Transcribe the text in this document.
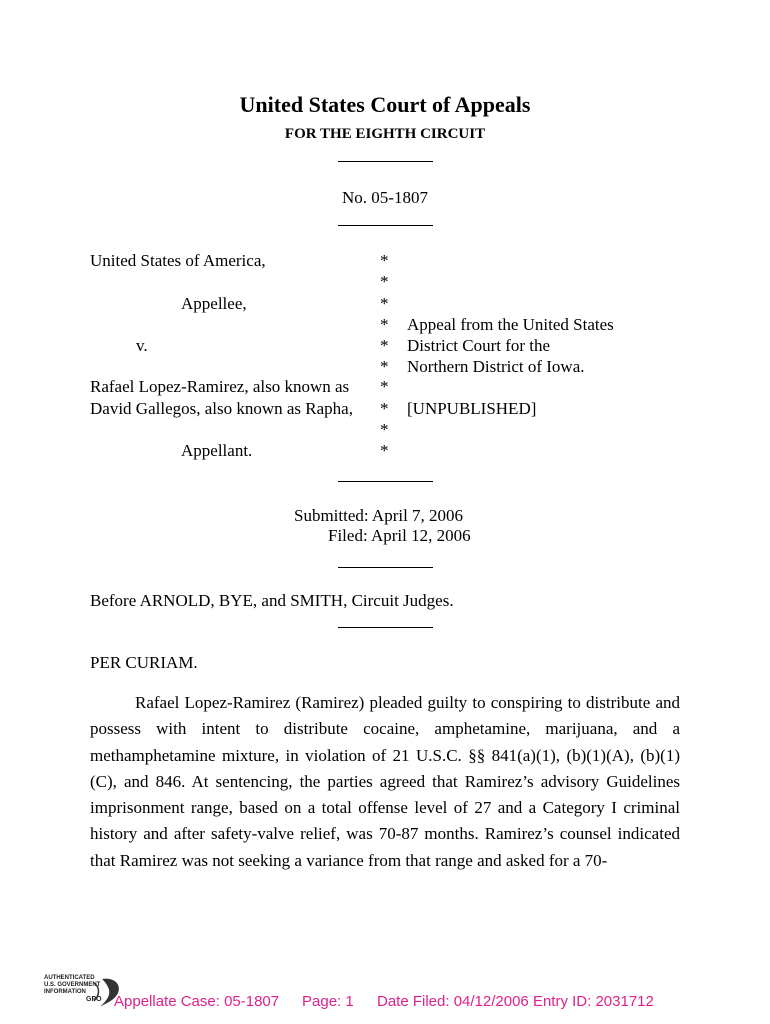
United States Court of Appeals
FOR THE EIGHTH CIRCUIT
No. 05-1807
United States of America,
Appellee,
v.
Rafael Lopez-Ramirez, also known as
David Gallegos, also known as Rapha,
Appellant.
*
*
*
*
*
*
*
*
*
*
Appeal from the United States
District Court for the
Northern District of Iowa.
[UNPUBLISHED]
Submitted: April 7, 2006
Filed: April 12, 2006
Before ARNOLD, BYE, and SMITH, Circuit Judges.
PER CURIAM.
Rafael Lopez-Ramirez (Ramirez) pleaded guilty to conspiring to distribute and possess with intent to distribute cocaine, amphetamine, marijuana, and a methamphetamine mixture, in violation of 21 U.S.C. §§ 841(a)(1), (b)(1)(A), (b)(1)(C), and 846. At sentencing, the parties agreed that Ramirez’s advisory Guidelines imprisonment range, based on a total offense level of 27 and a Category I criminal history and after safety-valve relief, was 70-87 months. Ramirez’s counsel indicated that Ramirez was not seeking a variance from that range and asked for a 70-
AUTHENTICATED
U.S. GOVERNMENT
INFORMATION
GPO Appellate Case: 05-1807 Page: 1 Date Filed: 04/12/2006 Entry ID: 2031712
